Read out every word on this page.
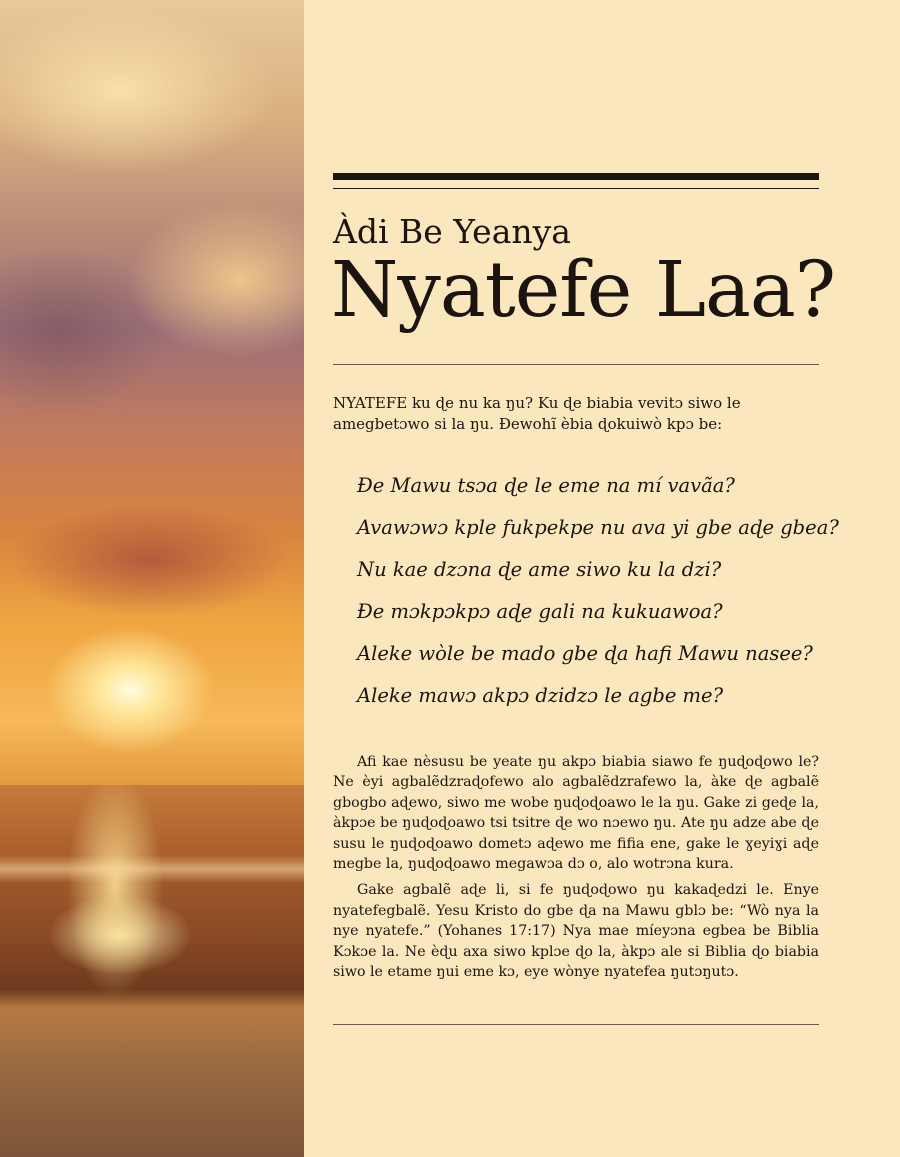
Àdi Be Yeanya
Nyatefe Laa?

NYATEFE ku ɖe nu ka ŋu? Ku ɖe biabia vevitɔ siwo le amegbetɔwo si la ŋu. Ɖewohĩ èbia ɖokuiwò kpɔ be:

Ɖe Mawu tsɔa ɖe le eme na mí vavãa?
Avawɔwɔ kple fukpekpe nu ava yi gbe aɖe gbea?
Nu kae dzɔna ɖe ame siwo ku la dzi?
Ɖe mɔkpɔkpɔ aɖe gali na kukuawoa?
Aleke wòle be mado gbe ɖa hafi Mawu nasee?
Aleke mawɔ akpɔ dzidzɔ le agbe me?

Afi kae nèsusu be yeate ŋu akpɔ biabia siawo fe ŋuɖoɖowo le? Ne èyi agbalẽdzraɖofewo alo agbalẽdzrafewo la, àke ɖe agbalẽ gbogbo aɖewo, siwo me wobe ŋuɖoɖoawo le la ŋu. Gake zi geɖe la, àkpɔe be ŋuɖoɖoawo tsi tsitre ɖe wo nɔewo ŋu. Ate ŋu adze abe ɖe susu le ŋuɖoɖoawo dometɔ aɖewo me fifia ene, gake le ɣeyiɣi aɖe megbe la, ŋuɖoɖoawo megawɔa dɔ o, alo wotrɔna kura.

Gake agbalẽ aɖe li, si fe ŋuɖoɖowo ŋu kakaɖedzi le. Enye nyatefegbalẽ. Yesu Kristo do gbe ɖa na Mawu gblɔ be: “Wò nya la nye nyatefe.” (Yohanes 17:17) Nya mae míeyɔna egbea be Biblia Kɔkɔe la. Ne èɖu axa siwo kplɔe ɖo la, àkpɔ ale si Biblia ɖo biabia siwo le etame ŋui eme kɔ, eye wònye nyatefea ŋutɔŋutɔ.
